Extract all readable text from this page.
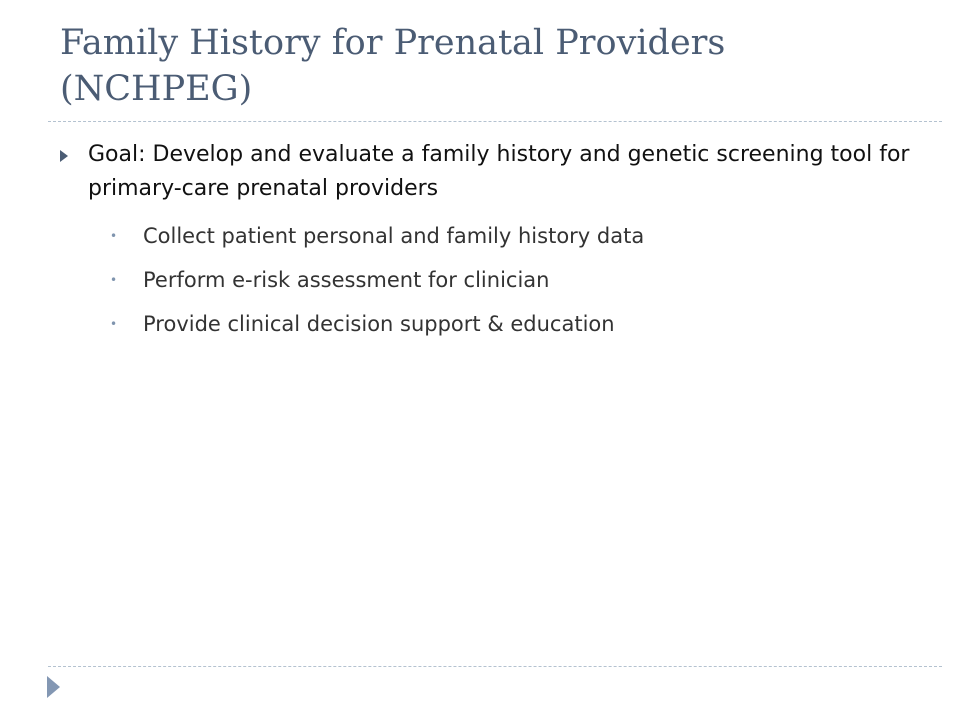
Family History for Prenatal Providers (NCHPEG)
Goal: Develop and evaluate a family history and genetic screening tool for primary-care prenatal providers
• Collect patient personal and family history data
• Perform e-risk assessment for clinician
• Provide clinical decision support & education
